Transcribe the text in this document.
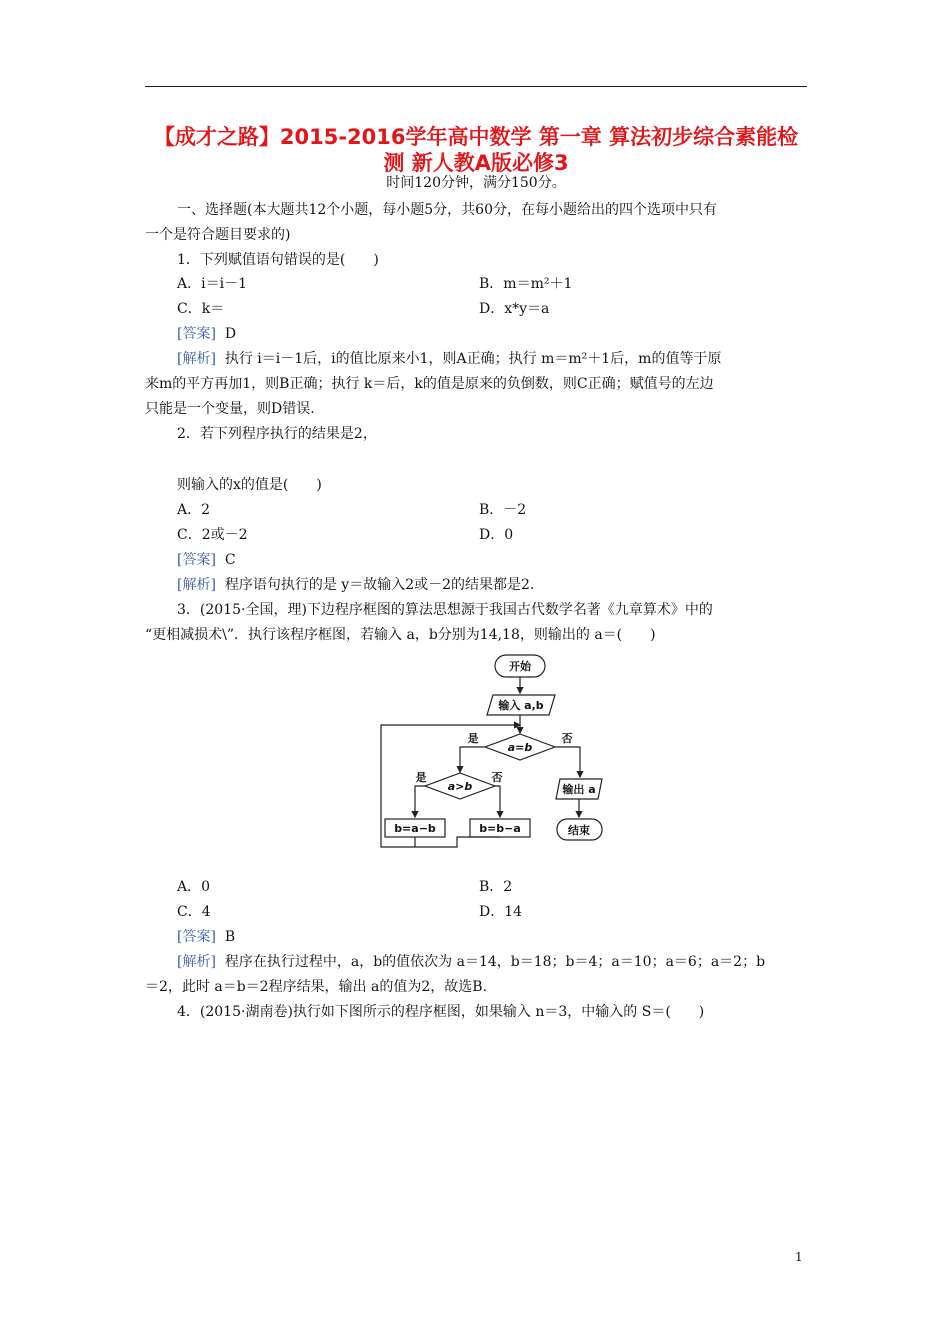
【成才之路】2015-2016学年高中数学 第一章 算法初步综合素能检
测 新人教A版必修3
时间120分钟，满分150分。
一、选择题(本大题共12个小题，每小题5分，共60分，在每小题给出的四个选项中只有
一个是符合题目要求的)
1．下列赋值语句错误的是(　　)
A．i＝i－1	B．m＝m²＋1
C．k＝	D．x*y＝a
[答案] D
[解析] 执行 i＝i－1后，i的值比原来小1，则A正确；执行 m＝m²＋1后，m的值等于原
来m的平方再加1，则B正确；执行 k＝后，k的值是原来的负倒数，则C正确；赋值号的左边
只能是一个变量，则D错误.
2．若下列程序执行的结果是2，
则输入的x的值是(　　)
A．2	B．－2
C．2或－2	D．0
[答案] C
[解析] 程序语句执行的是 y＝故输入2或－2的结果都是2.
3．(2015·全国，理)下边程序框图的算法思想源于我国古代数学名著《九章算术》中的
“更相减损术\”．执行该程序框图，若输入 a，b分别为14,18，则输出的 a＝(　　)
开始
输入 a,b
a=b
是	否
a>b
是	否
b=a−b	b=b−a
输出 a
结束
A．0	B．2
C．4	D．14
[答案] B
[解析] 程序在执行过程中，a，b的值依次为 a＝14，b＝18；b＝4；a＝10；a＝6；a＝2；b
＝2，此时 a＝b＝2程序结果，输出 a的值为2，故选B.
4．(2015·湖南卷)执行如下图所示的程序框图，如果输入 n＝3，中输入的 S＝(　　)
1
